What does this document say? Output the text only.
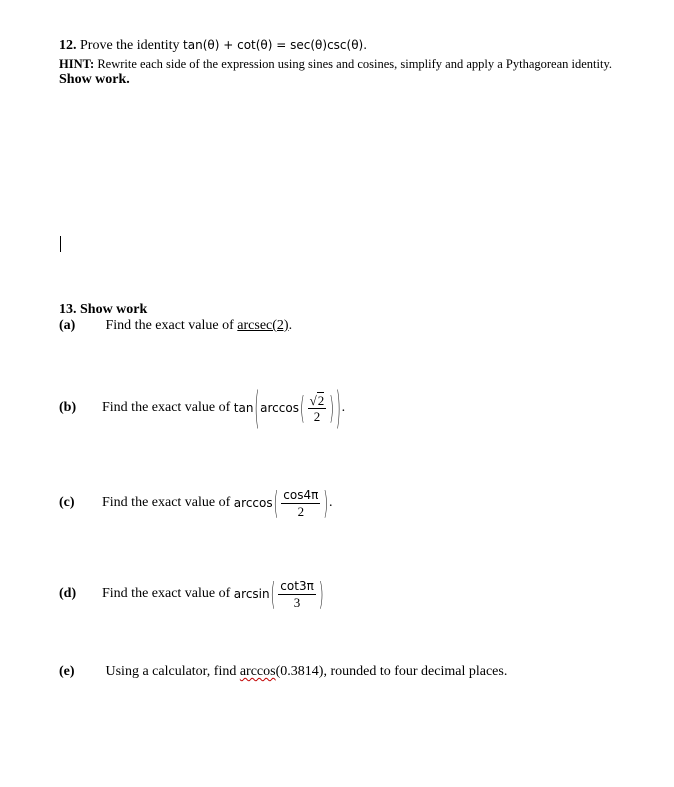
12. Prove the identity tan(θ) + cot(θ) = sec(θ)csc(θ).
HINT: Rewrite each side of the expression using sines and cosines, simplify and apply a Pythagorean identity.
Show work.
13. Show work
(a) Find the exact value of arcsec(2).
(b)	Find the exact value of
tan ( arccos ( $\frac{√2}{2}$ ) ) .
(c)	Find the exact value of
arccos ( $\frac{\cos 4\pi}{2}$ ) .
(d)	Find the exact value of
arcsin ( $\frac{\cot 3\pi}{3}$ )
(e) Using a calculator, find arccos(0.3814), rounded to four decimal places.
